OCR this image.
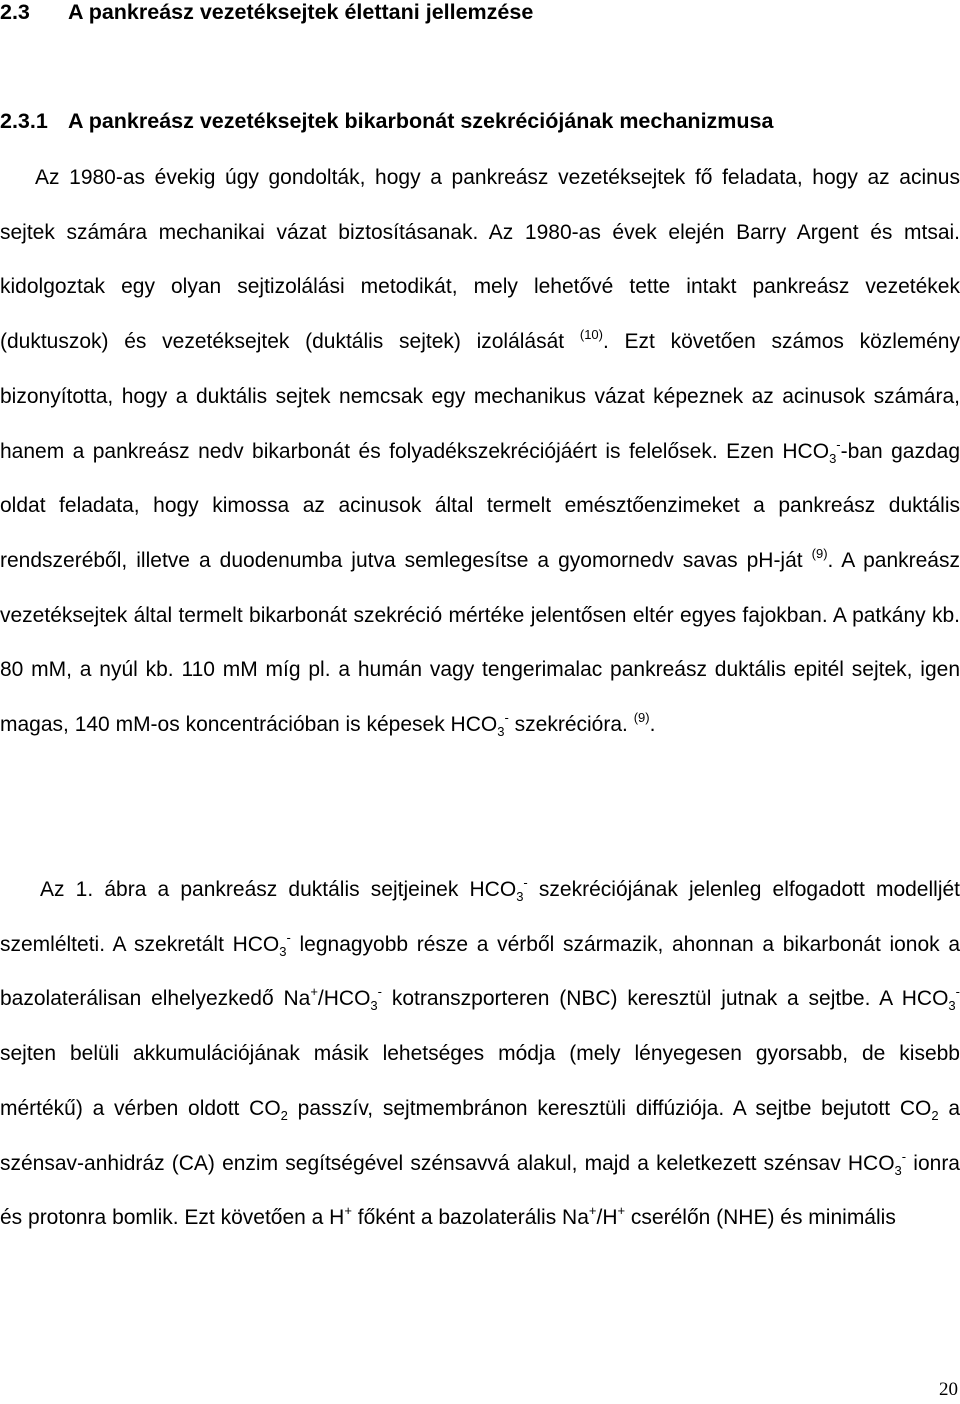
2.3 A pankreász vezetéksejtek élettani jellemzése
2.3.1 A pankreász vezetéksejtek bikarbonát szekréciójának mechanizmusa

Az 1980-as évekig úgy gondolták, hogy a pankreász vezetéksejtek fő feladata, hogy az acinus sejtek számára mechanikai vázat biztosításanak. Az 1980-as évek elején Barry Argent és mtsai. kidolgoztak egy olyan sejtizolálási metodikát, mely lehetővé tette intakt pankreász vezetékek (duktuszok) és vezetéksejtek (duktális sejtek) izolálását $^{(10)}$. Ezt követően számos közlemény bizonyította, hogy a duktális sejtek nemcsak egy mechanikus vázat képeznek az acinusok számára, hanem a pankreász nedv bikarbonát és folyadékszekréciójáért is felelősek. Ezen $HCO_3^-$-ban gazdag oldat feladata, hogy kimossa az acinusok által termelt emésztőenzimeket a pankreász duktális rendszeréből, illetve a duodenumba jutva semlegesítse a gyomornedv savas pH-ját $^{(9)}$. A pankreász vezetéksejtek által termelt bikarbonát szekréció mértéke jelentősen eltér egyes fajokban. A patkány kb. 80 mM, a nyúl kb. 110 mM míg pl. a humán vagy tengerimalac pankreász duktális epitél sejtek, igen magas, 140 mM-os koncentrációban is képesek $HCO_3^-$ szekrécióra. $^{(9)}$.

Az 1. ábra a pankreász duktális sejtjeinek $HCO_3^-$ szekréciójának jelenleg elfogadott modelljét szemlélteti. A szekretált $HCO_3^-$ legnagyobb része a vérből származik, ahonnan a bikarbonát ionok a bazolaterálisan elhelyezkedő $Na^+/HCO_3^-$ kotranszporteren (NBC) keresztül jutnak a sejtbe. A $HCO_3^-$ sejten belüli akkumulációjának másik lehetséges módja (mely lényegesen gyorsabb, de kisebb mértékű) a vérben oldott $CO_2$ passzív, sejtmembránon keresztüli diffúziója. A sejtbe bejutott $CO_2$ a szénsav-anhidráz (CA) enzim segítségével szénsavvá alakul, majd a keletkezett szénsav $HCO_3^-$ ionra és protonra bomlik. Ezt követően a H+ főként a bazolaterális Na+/H+ cserélőn (NHE) és minimális

20
